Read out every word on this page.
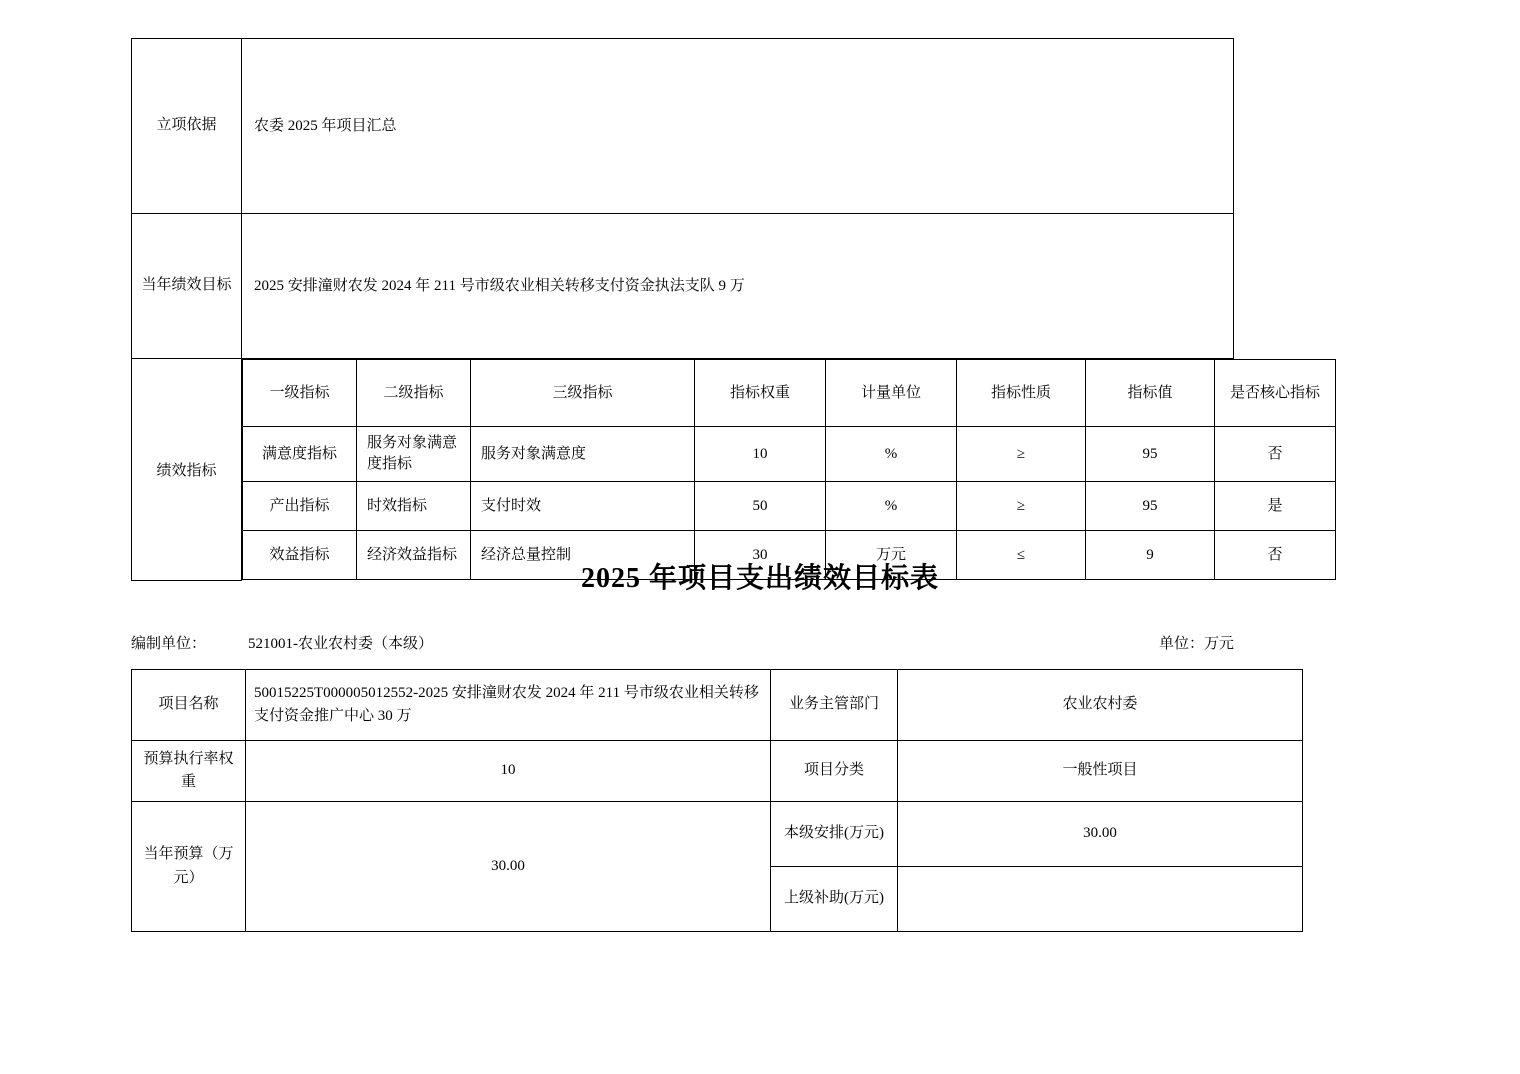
立项依据	农委 2025 年项目汇总
当年绩效目标	2025 安排潼财农发 2024 年 211 号市级农业相关转移支付资金执法支队 9 万
绩效指标	
一级指标	二级指标	三级指标	指标权重	计量单位	指标性质	指标值	是否核心指标
满意度指标	服务对象满意度指标	服务对象满意度	10	%	≥	95	否
产出指标	时效指标	支付时效	50	%	≥	95	是
效益指标	经济效益指标	经济总量控制	30	万元	≤	9	否
2025 年项目支出绩效目标表
编制单位：	521001-农业农村委（本级）	单位：万元
项目名称	50015225T000005012552-2025 安排潼财农发 2024 年 211 号市级农业相关转移支付资金推广中心 30 万	业务主管部门	农业农村委
预算执行率权重	10	项目分类	一般性项目
当年预算（万元）	30.00	本级安排(万元)	30.00
		上级补助(万元)	
